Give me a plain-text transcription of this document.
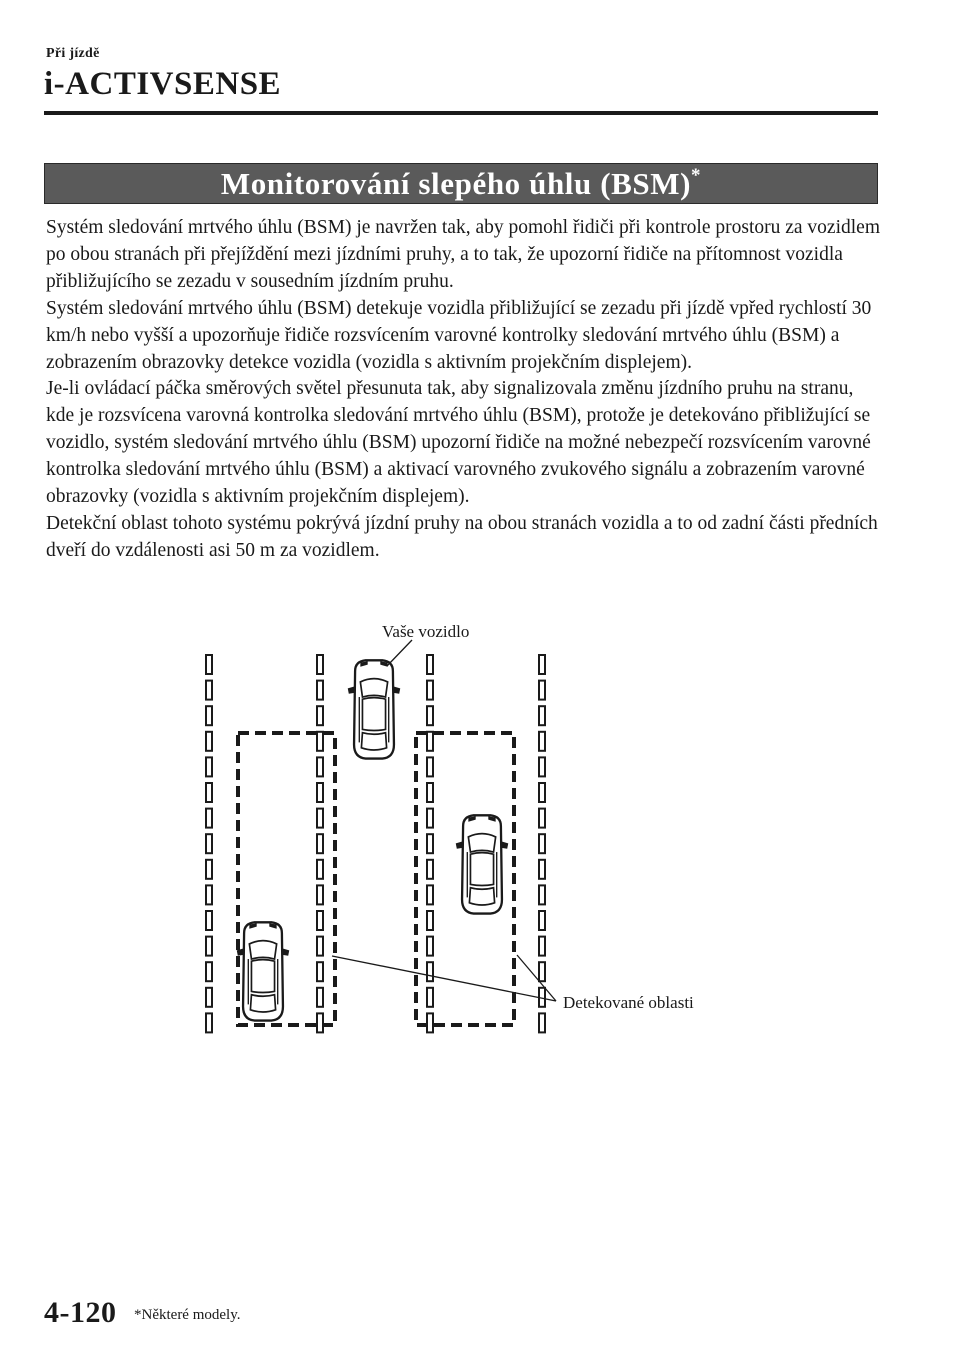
Při jízdě
i-ACTIVSENSE
Monitorování slepého úhlu (BSM)*

Systém sledování mrtvého úhlu (BSM) je navržen tak, aby pomohl řidiči při kontrole prostoru za vozidlem po obou stranách při přejíždění mezi jízdními pruhy, a to tak, že upozorní řidiče na přítomnost vozidla přibližujícího se zezadu v sousedním jízdním pruhu.

Systém sledování mrtvého úhlu (BSM) detekuje vozidla přibližující se zezadu při jízdě vpřed rychlostí 30 km/h nebo vyšší a upozorňuje řidiče rozsvícením varovné kontrolky sledování mrtvého úhlu (BSM) a zobrazením obrazovky detekce vozidla (vozidla s aktivním projekčním displejem).

Je-li ovládací páčka směrových světel přesunuta tak, aby signalizovala změnu jízdního pruhu na stranu, kde je rozsvícena varovná kontrolka sledování mrtvého úhlu (BSM), protože je detekováno přibližující se vozidlo, systém sledování mrtvého úhlu (BSM) upozorní řidiče na možné nebezpečí rozsvícením varovné kontrolka sledování mrtvého úhlu (BSM) a aktivací varovného zvukového signálu a zobrazením varovné obrazovky (vozidla s aktivním projekčním displejem).

Detekční oblast tohoto systému pokrývá jízdní pruhy na obou stranách vozidla a to od zadní části předních dveří do vzdálenosti asi 50 m za vozidlem.

Vaše vozidlo
Detekované oblasti
4-120 *Některé modely.
